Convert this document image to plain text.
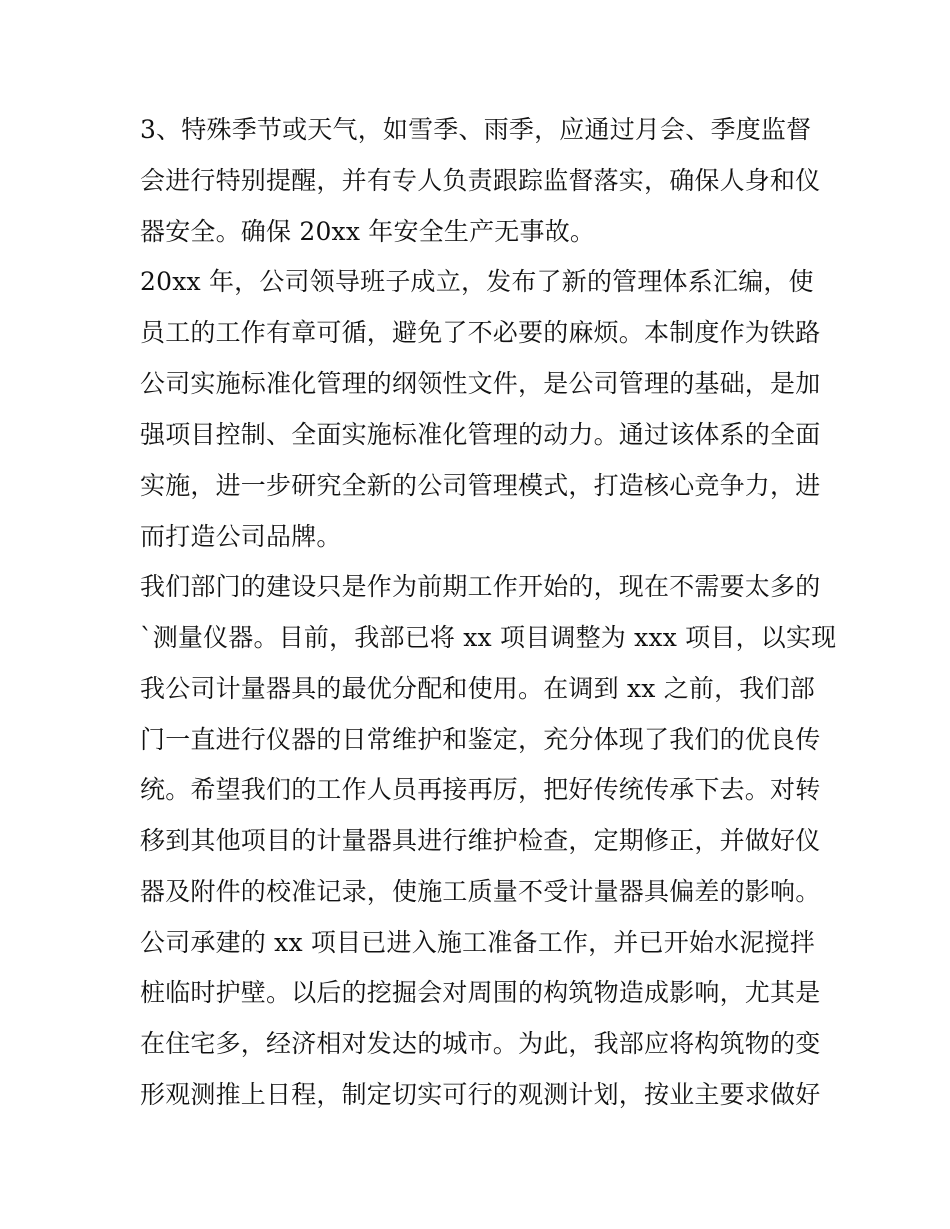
3、特殊季节或天气，如雪季、雨季，应通过月会、季度监督
会进行特别提醒，并有专人负责跟踪监督落实，确保人身和仪
器安全。确保 20xx 年安全生产无事故。
20xx 年，公司领导班子成立，发布了新的管理体系汇编，使
员工的工作有章可循，避免了不必要的麻烦。本制度作为铁路
公司实施标准化管理的纲领性文件，是公司管理的基础，是加
强项目控制、全面实施标准化管理的动力。通过该体系的全面
实施，进一步研究全新的公司管理模式，打造核心竞争力，进
而打造公司品牌。
我们部门的建设只是作为前期工作开始的，现在不需要太多的
`测量仪器。目前，我部已将 xx 项目调整为 xxx 项目，以实现
我公司计量器具的最优分配和使用。在调到 xx 之前，我们部
门一直进行仪器的日常维护和鉴定，充分体现了我们的优良传
统。希望我们的工作人员再接再厉，把好传统传承下去。对转
移到其他项目的计量器具进行维护检查，定期修正，并做好仪
器及附件的校准记录，使施工质量不受计量器具偏差的影响。
公司承建的 xx 项目已进入施工准备工作，并已开始水泥搅拌
桩临时护壁。以后的挖掘会对周围的构筑物造成影响，尤其是
在住宅多，经济相对发达的城市。为此，我部应将构筑物的变
形观测推上日程，制定切实可行的观测计划，按业主要求做好
